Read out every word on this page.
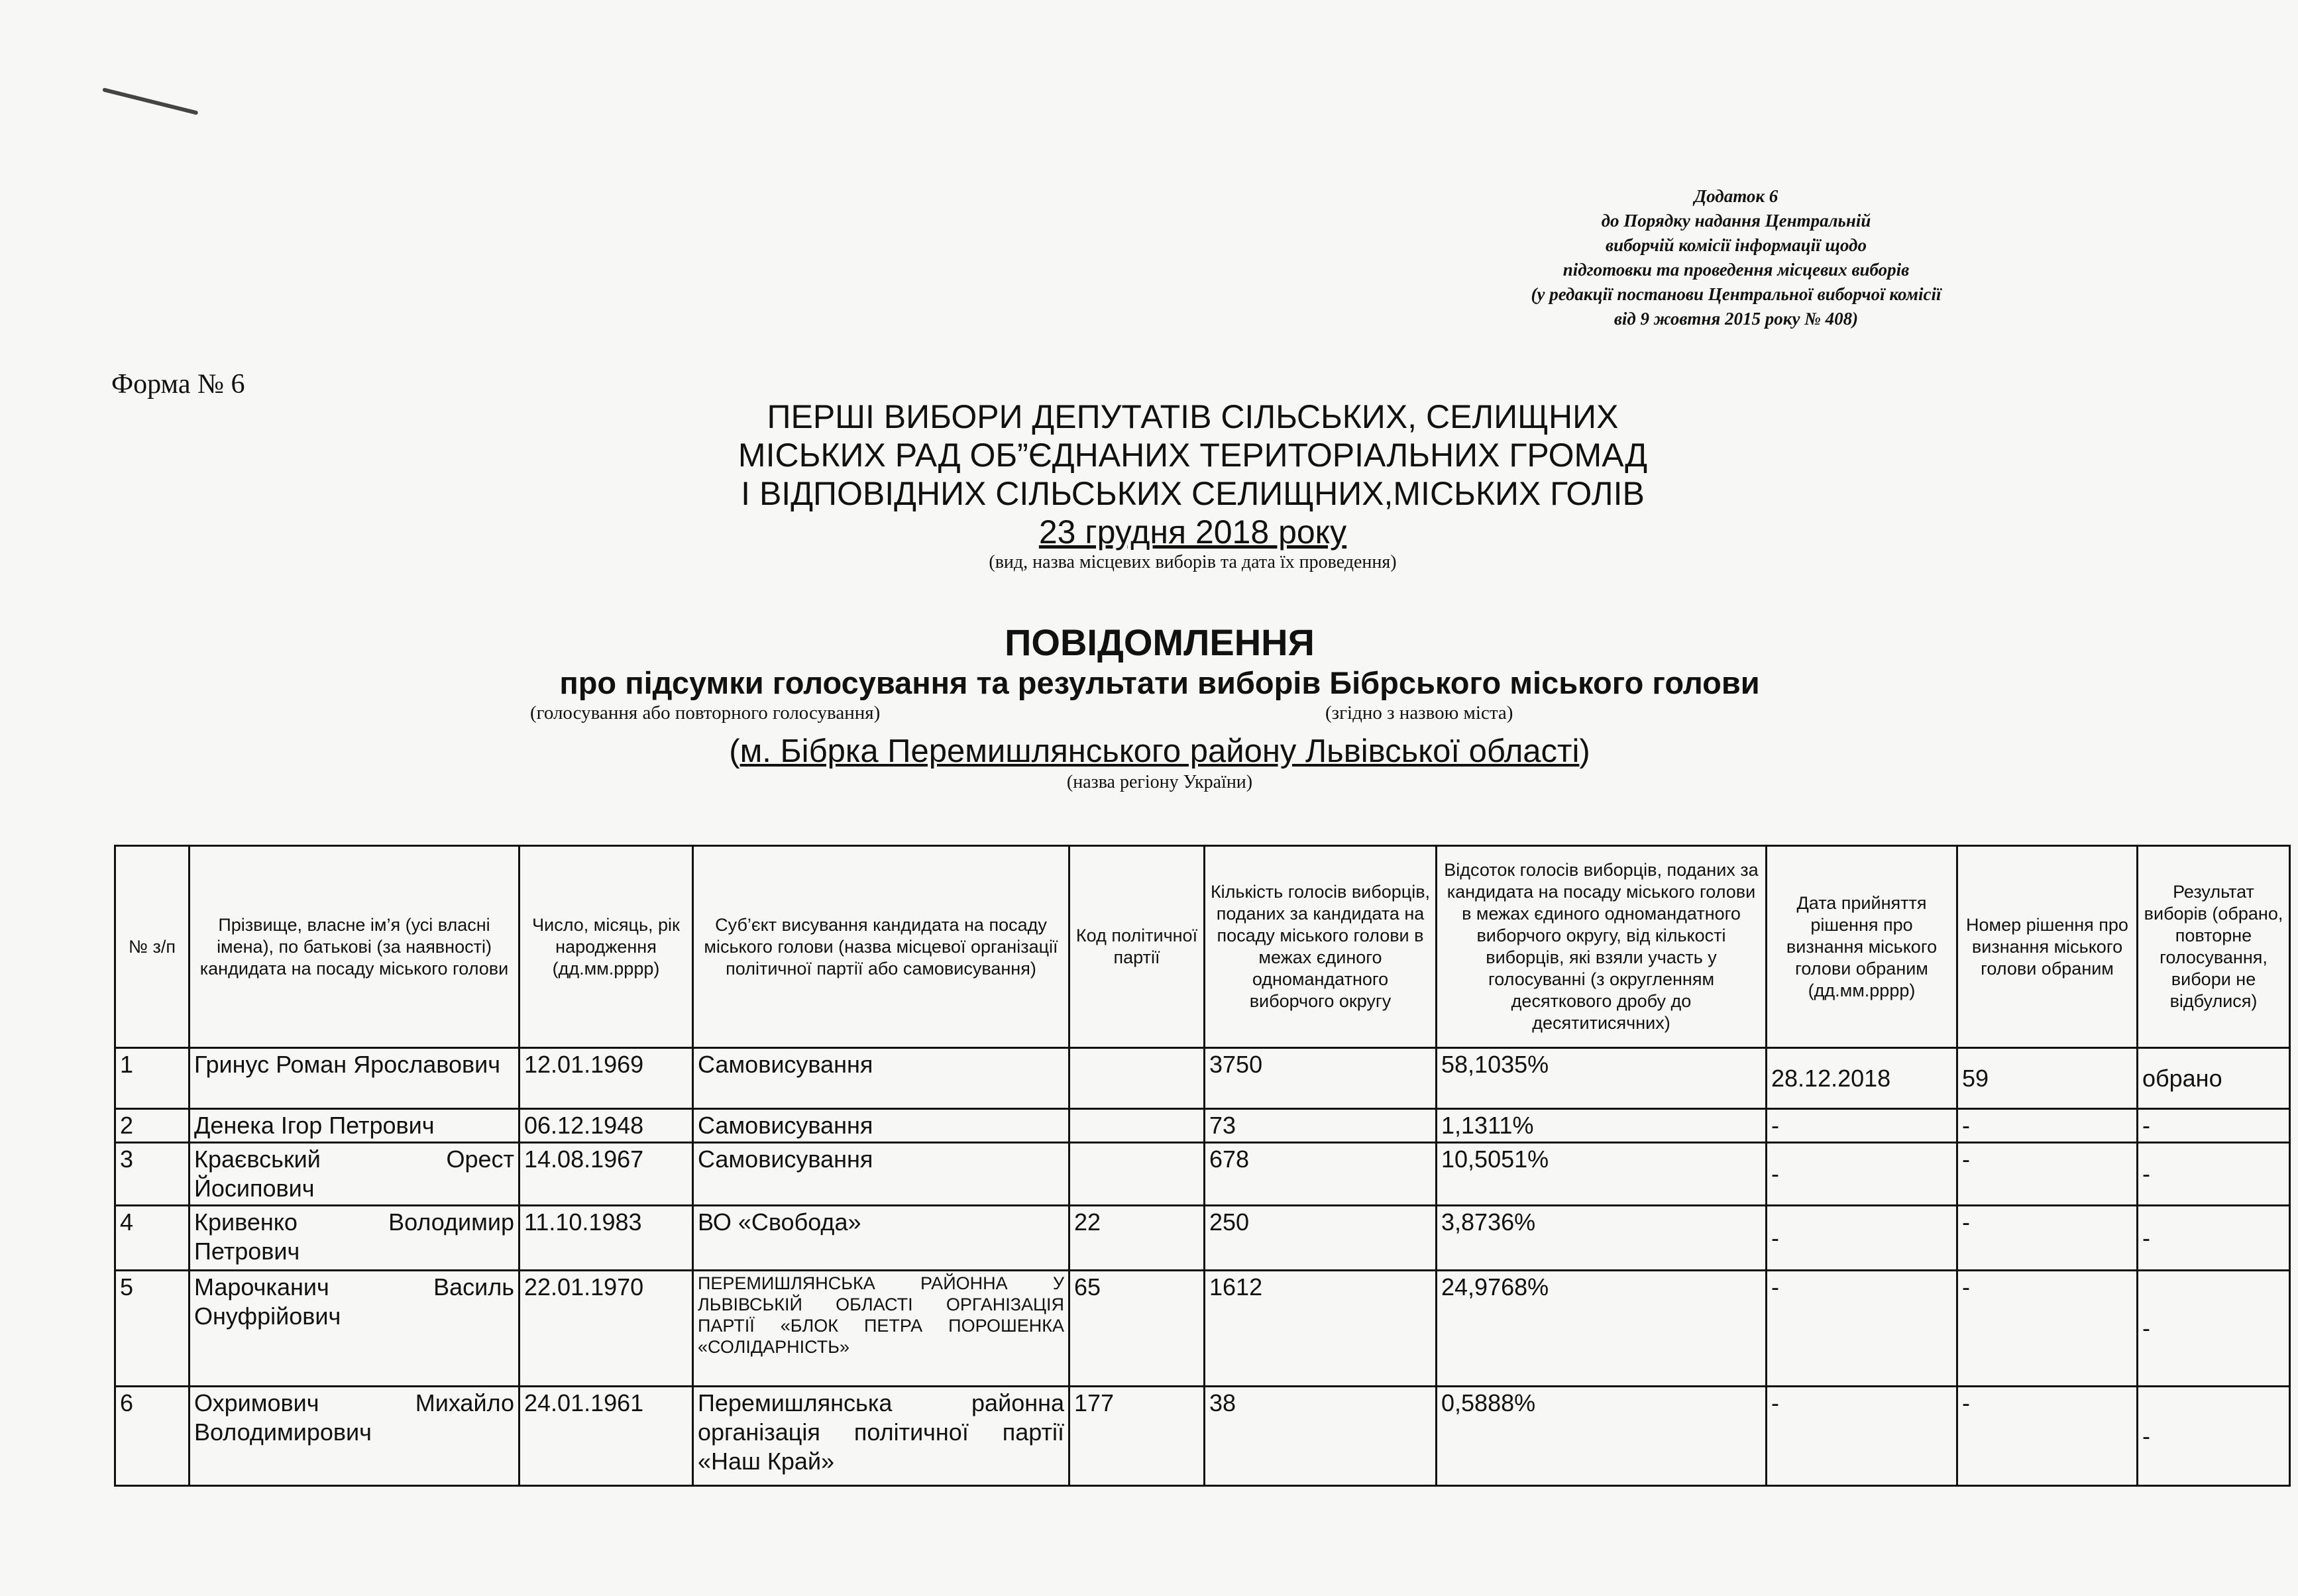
Додаток 6
до Порядку надання Центральній
виборчій комісії інформації щодо
підготовки та проведення місцевих виборів
(у редакції постанови Центральної виборчої комісії
від 9 жовтня 2015 року № 408)
Форма № 6
ПЕРШІ ВИБОРИ ДЕПУТАТІВ СІЛЬСЬКИХ, СЕЛИЩНИХ
МІСЬКИХ РАД ОБ”ЄДНАНИХ ТЕРИТОРІАЛЬНИХ ГРОМАД
І ВІДПОВІДНИХ СІЛЬСЬКИХ СЕЛИЩНИХ,МІСЬКИХ ГОЛІВ
23 грудня 2018 року
(вид, назва місцевих виборів та дата їх проведення)
ПОВІДОМЛЕННЯ
про підсумки голосування та результати виборів Бібрського міського голови
(голосування або повторного голосування)	(згідно з назвою міста)
(м. Бібрка Перемишлянського району Львівської області)
(назва регіону України)
№ з/п	Прізвище, власне ім’я (усі власні імена), по батькові (за наявності) кандидата на посаду міського голови	Число, місяць, рік народження (дд.мм.рррр)	Суб’єкт висування кандидата на посаду міського голови (назва місцевої організації політичної партії або самовисування)	Код політичної партії	Кількість голосів виборців, поданих за кандидата на посаду міського голови в межах єдиного одномандатного виборчого округу	Відсоток голосів виборців, поданих за кандидата на посаду міського голови в межах єдиного одномандатного виборчого округу, від кількості виборців, які взяли участь у голосуванні (з округленням десяткового дробу до десятитисячних)	Дата прийняття рішення про визнання міського голови обраним (дд.мм.рррр)	Номер рішення про визнання міського голови обраним	Результат виборів (обрано, повторне голосування, вибори не відбулися)
1	Гринус Роман Ярославович	12.01.1969	Самовисування		3750	58,1035%	28.12.2018	59	обрано
2	Денека Ігор Петрович	06.12.1948	Самовисування		73	1,1311%	-	-	-
3	Краєвський Орест Йосипович	14.08.1967	Самовисування		678	10,5051%	-	-	-
4	Кривенко Володимир Петрович	11.10.1983	ВО «Свобода»	22	250	3,8736%	-	-	-
5	Марочканич Василь Онуфрійович	22.01.1970	ПЕРЕМИШЛЯНСЬКА РАЙОННА У ЛЬВІВСЬКІЙ ОБЛАСТІ ОРГАНІЗАЦІЯ ПАРТІЇ «БЛОК ПЕТРА ПОРОШЕНКА «СОЛІДАРНІСТЬ»	65	1612	24,9768%	-	-	-
6	Охримович Михайло Володимирович	24.01.1961	Перемишлянська районна організація політичної партії «Наш Край»	177	38	0,5888%	-	-	-
